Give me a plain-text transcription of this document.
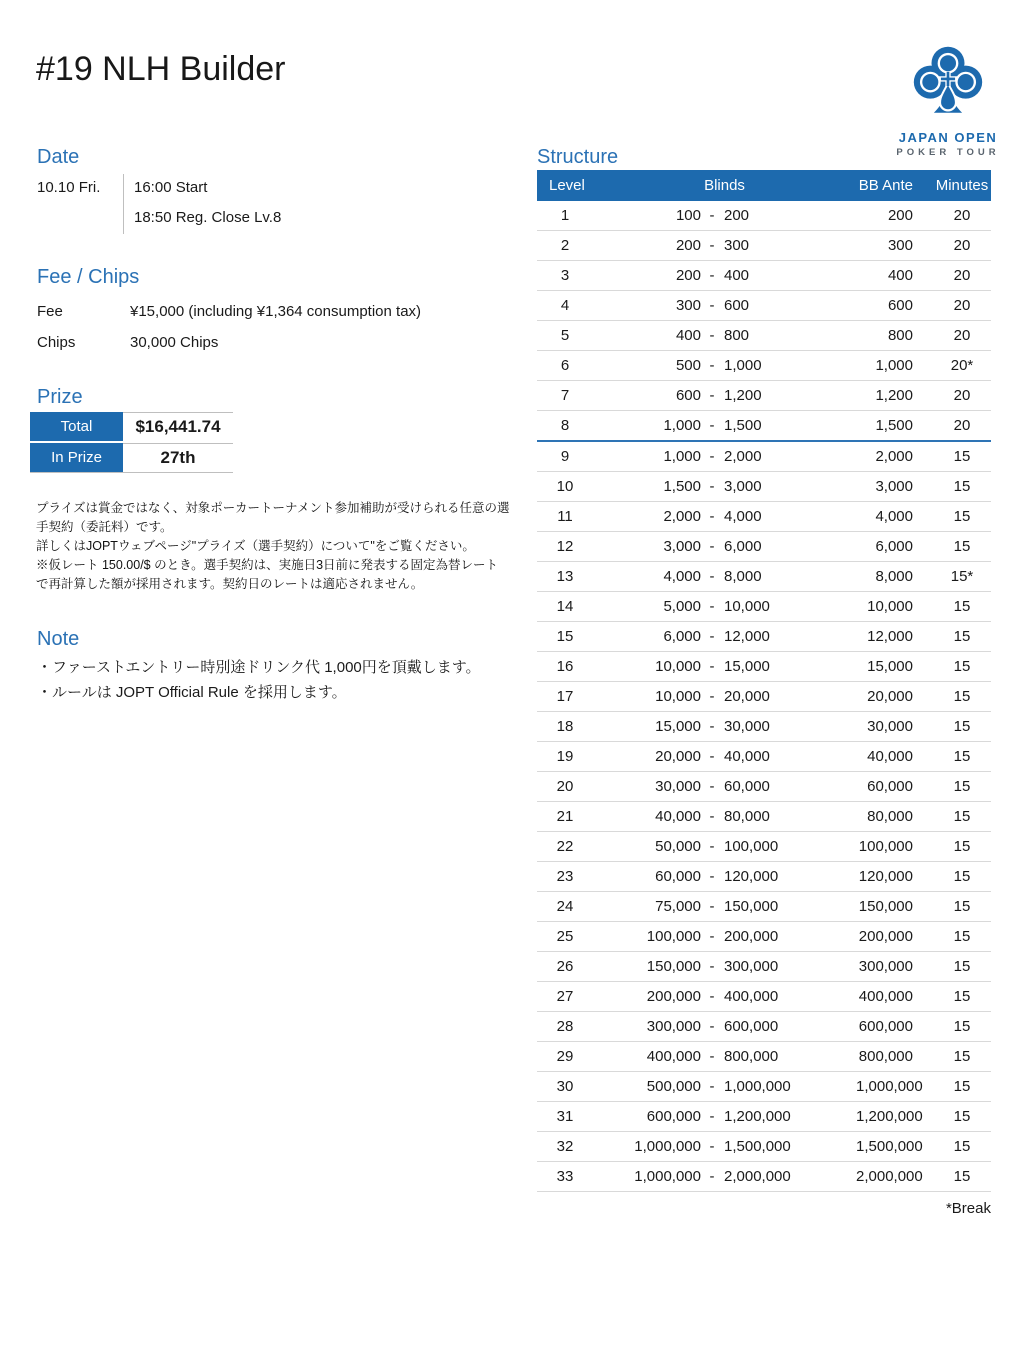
#19 NLH Builder
JAPAN OPEN
POKER TOUR
Date
10.10 Fri.	16:00 Start
18:50 Reg. Close Lv.8
Fee / Chips
Fee	¥15,000 (including ¥1,364 consumption tax)
Chips	30,000 Chips
Prize
Total	$16,441.74
In Prize	27th

プライズは賞金ではなく、対象ポーカートーナメント参加補助が受けられる任意の選手契約（委託料）です。

詳しくはJOPTウェブページ"プライズ（選手契約）について"をご覧ください。

※仮レート 150.00/$ のとき。選手契約は、実施日3日前に発表する固定為替レートで再計算した額が採用されます。契約日のレートは適応されません。

Note
・ファーストエントリー時別途ドリンク代 1,000円を頂戴します。
・ルールは JOPT Official Rule を採用します。
Structure
Level	Blinds	BB Ante	Minutes
1	100 - 200	200	20
2	200 - 300	300	20
3	200 - 400	400	20
4	300 - 600	600	20
5	400 - 800	800	20
6	500 - 1,000	1,000	20*
7	600 - 1,200	1,200	20
8	1,000 - 1,500	1,500	20
9	1,000 - 2,000	2,000	15
10	1,500 - 3,000	3,000	15
11	2,000 - 4,000	4,000	15
12	3,000 - 6,000	6,000	15
13	4,000 - 8,000	8,000	15*
14	5,000 - 10,000	10,000	15
15	6,000 - 12,000	12,000	15
16	10,000 - 15,000	15,000	15
17	10,000 - 20,000	20,000	15
18	15,000 - 30,000	30,000	15
19	20,000 - 40,000	40,000	15
20	30,000 - 60,000	60,000	15
21	40,000 - 80,000	80,000	15
22	50,000 - 100,000	100,000	15
23	60,000 - 120,000	120,000	15
24	75,000 - 150,000	150,000	15
25	100,000 - 200,000	200,000	15
26	150,000 - 300,000	300,000	15
27	200,000 - 400,000	400,000	15
28	300,000 - 600,000	600,000	15
29	400,000 - 800,000	800,000	15
30	500,000 - 1,000,000	1,000,000	15
31	600,000 - 1,200,000	1,200,000	15
32	1,000,000 - 1,500,000	1,500,000	15
33	1,000,000 - 2,000,000	2,000,000	15
*Break
